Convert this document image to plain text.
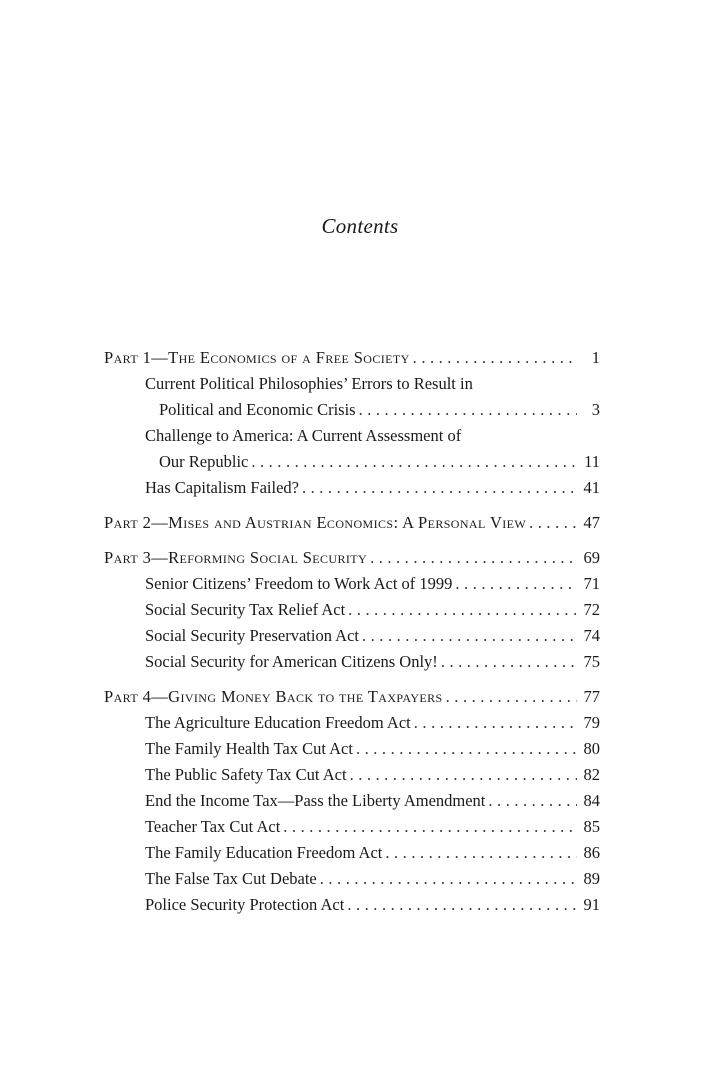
Contents
Part 1—The Economics of a Free Society . . .	1
Current Political Philosophies’ Errors to Result in
Political and Economic Crisis . . .	3
Challenge to America: A Current Assessment of
Our Republic . . .	11
Has Capitalism Failed? . . .	41
Part 2—Mises and Austrian Economics: A Personal View . . .	47
Part 3—Reforming Social Security . . .	69
Senior Citizens’ Freedom to Work Act of 1999 . . .	71
Social Security Tax Relief Act . . .	72
Social Security Preservation Act . . .	74
Social Security for American Citizens Only! . . .	75
Part 4—Giving Money Back to the Taxpayers . . .	77
The Agriculture Education Freedom Act . . .	79
The Family Health Tax Cut Act . . .	80
The Public Safety Tax Cut Act . . .	82
End the Income Tax—Pass the Liberty Amendment . . .	84
Teacher Tax Cut Act . . .	85
The Family Education Freedom Act . . .	86
The False Tax Cut Debate . . .	89
Police Security Protection Act . . .	91
